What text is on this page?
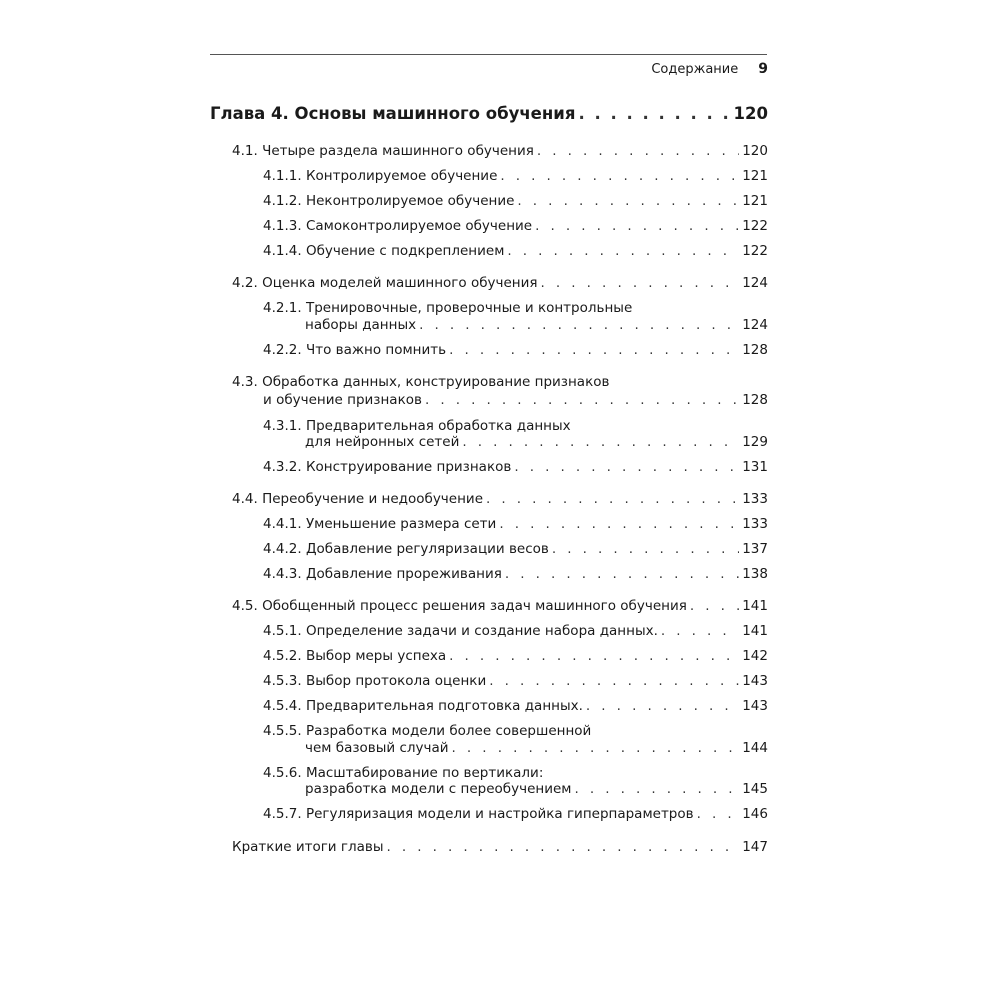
Содержание 9
Глава 4. Основы машинного обучения . . .	120
4.1. Четыре раздела машинного обучения . . .	120
4.1.1. Контролируемое обучение . . .	121
4.1.2. Неконтролируемое обучение . . .	121
4.1.3. Самоконтролируемое обучение . . .	122
4.1.4. Обучение с подкреплением . . .	122
4.2. Оценка моделей машинного обучения . . .	124
4.2.1. Тренировочные, проверочные и контрольные
наборы данных . . .	124
4.2.2. Что важно помнить . . .	128
4.3. Обработка данных, конструирование признаков
и обучение признаков . . .	128
4.3.1. Предварительная обработка данных
для нейронных сетей . . .	129
4.3.2. Конструирование признаков . . .	131
4.4. Переобучение и недообучение . . .	133
4.4.1. Уменьшение размера сети . . .	133
4.4.2. Добавление регуляризации весов . . .	137
4.4.3. Добавление прореживания . . .	138
4.5. Обобщенный процесс решения задач машинного обучения . . .	141
4.5.1. Определение задачи и создание набора данных. . . .	141
4.5.2. Выбор меры успеха . . .	142
4.5.3. Выбор протокола оценки . . .	143
4.5.4. Предварительная подготовка данных. . . .	143
4.5.5. Разработка модели более совершенной
чем базовый случай . . .	144
4.5.6. Масштабирование по вертикали:
разработка модели с переобучением . . .	145
4.5.7. Регуляризация модели и настройка гиперпараметров . . .	146
Краткие итоги главы . . .	147
